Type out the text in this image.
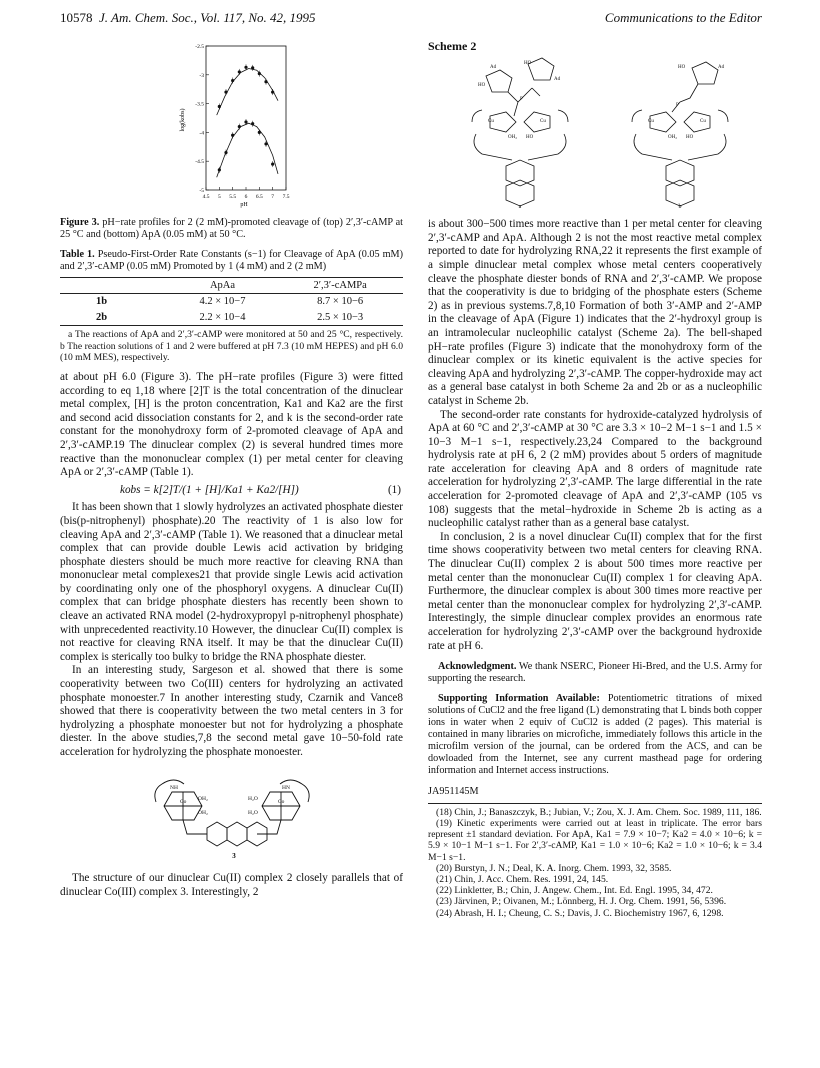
10578 J. Am. Chem. Soc., Vol. 117, No. 42, 1995	Communications to the Editor
-2.5
-3
-3.5
-4
-4.5
-5
4.5 5 5.5 6 6.5 7 7.5
log(kobs)
pH

Figure 3. pH−rate profiles for 2 (2 mM)-promoted cleavage of (top) 2′,3′-cAMP at 25 °C and (bottom) ApA (0.05 mM) at 50 °C.

Table 1. Pseudo-First-Order Rate Constants (s−1) for Cleavage of ApA (0.05 mM) and 2′,3′-cAMP (0.05 mM) Promoted by 1 (4 mM) and 2 (2 mM)

	ApAa	2′,3′-cAMPa
1b	4.2 × 10−7	8.7 × 10−6
2b	2.2 × 10−4	2.5 × 10−3

a The reactions of ApA and 2′,3′-cAMP were monitored at 50 and 25 °C, respectively. b The reaction solutions of 1 and 2 were buffered at pH 7.3 (10 mM HEPES) and pH 6.0 (10 mM MES), respectively.

at about pH 6.0 (Figure 3). The pH−rate profiles (Figure 3) were fitted according to eq 1,18 where [2]T is the total concentration of the dinuclear metal complex, [H] is the proton concentration, Ka1 and Ka2 are the first and second acid dissociation constants for 2, and k is the second-order rate constant for the monohydroxy form of 2-promoted cleavage of ApA and 2′,3′-cAMP.19 The dinuclear complex (2) is several hundred times more reactive than the mononuclear complex (1) per metal center for cleaving ApA or 2′,3′-cAMP (Table 1).

kobs = k[2]T/(1 + [H]/Ka1 + Ka2/[H])	(1)

It has been shown that 1 slowly hydrolyzes an activated phosphate diester (bis(p-nitrophenyl) phosphate).20 The reactivity of 1 is also low for cleaving ApA and 2′,3′-cAMP (Table 1). We reasoned that a dinuclear metal complex that can provide double Lewis acid activation by bridging phosphate diesters should be much more reactive for cleaving RNA than mononuclear metal complexes21 that provide single Lewis acid activation by coordinating only one of the phosphoryl oxygens. A dinuclear Cu(II) complex that can bridge phosphate diesters has recently been shown to cleave an activated RNA model (2-hydroxypropyl p-nitrophenyl phosphate) with unprecedented reactivity.10 However, the dinuclear Cu(II) complex is not reactive for cleaving RNA itself. It may be that the dinuclear Cu(II) complex is sterically too bulky to bridge the RNA phosphate diester.

In an interesting study, Sargeson et al. showed that there is some cooperativity between two Co(III) centers for hydrolyzing an activated phosphate monoester.7 In another interesting study, Czarnik and Vance8 showed that there is cooperativity between the two metal centers in 3 for hydrolyzing a phosphate monoester but not for hydrolyzing a phosphate diester. In the above studies,7,8 the second metal gave 10−50-fold rate acceleration for hydrolyzing the phosphate monoester.

NH	HN
Co	Co
OH₂	H₂O
OH₂	H₂O
3

The structure of our dinuclear Cu(II) complex 2 closely parallels that of dinuclear Co(III) complex 3. Interestingly, 2

Scheme 2
Ad
HO
Ad
HO
P
Cu	Cu
OH₂ HO
HO	Ad
P
Cu	Cu
OH₂ HO
a	b

is about 300−500 times more reactive than 1 per metal center for cleaving 2′,3′-cAMP and ApA. Although 2 is not the most reactive metal complex reported to date for hydrolyzing RNA,22 it represents the first example of a simple dinuclear metal complex whose metal centers cooperatively cleave the phosphate diester bonds of RNA and 2′,3′-cAMP. We propose that the cooperativity is due to bridging of the phosphate esters (Scheme 2) as in previous systems.7,8,10 Formation of both 3′-AMP and 2′-AMP in the cleavage of ApA (Figure 1) indicates that the 2′-hydroxyl group is an intramolecular nucleophilic catalyst (Scheme 2a). The bell-shaped pH−rate profiles (Figure 3) indicate that the monohydroxy form of the dinuclear complex or its kinetic equivalent is the active species for cleaving ApA and hydrolyzing 2′,3′-cAMP. The copper-hydroxide may act as a general base catalyst in both Scheme 2a and 2b or as a nucleophilic catalyst in Scheme 2b.

The second-order rate constants for hydroxide-catalyzed hydrolysis of ApA at 60 °C and 2′,3′-cAMP at 30 °C are 3.3 × 10−2 M−1 s−1 and 1.5 × 10−3 M−1 s−1, respectively.23,24 Compared to the background hydrolysis rate at pH 6, 2 (2 mM) provides about 5 orders of magnitude rate acceleration for cleaving ApA and 8 orders of magnitude rate acceleration for hydrolyzing 2′,3′-cAMP. The large differential in the rate acceleration for 2-promoted cleavage of ApA and 2′,3′-cAMP (105 vs 108) suggests that the metal−hydroxide in Scheme 2b is acting as a nucleophilic catalyst rather than as a general base catalyst.

In conclusion, 2 is a novel dinuclear Cu(II) complex that for the first time shows cooperativity between two metal centers for cleaving RNA. The dinuclear Cu(II) complex 2 is about 500 times more reactive per metal center than the mononuclear Cu(II) complex 1 for cleaving ApA. Furthermore, the dinuclear complex is about 300 times more reactive per metal center than the mononuclear complex for hydrolyzing 2′,3′-cAMP. Interestingly, the simple dinuclear complex provides an enormous rate acceleration for hydrolyzing 2′,3′-cAMP over the background hydroxide rate at pH 6.

Acknowledgment. We thank NSERC, Pioneer Hi-Bred, and the U.S. Army for supporting the research.

Supporting Information Available: Potentiometric titrations of mixed solutions of CuCl2 and the free ligand (L) demonstrating that L binds both copper ions in water when 2 equiv of CuCl2 is added (2 pages). This material is contained in many libraries on microfiche, immediately follows this article in the microfilm version of the journal, can be ordered from the ACS, and can be dowloaded from the Internet, see any current masthead page for ordering information and Internet access instructions.

JA951145M

(18) Chin, J.; Banaszczyk, B.; Jubian, V.; Zou, X. J. Am. Chem. Soc. 1989, 111, 186.
(19) Kinetic experiments were carried out at least in triplicate. The error bars represent ±1 standard deviation. For ApA, Ka1 = 7.9 × 10−7; Ka2 = 4.0 × 10−6; k = 5.9 × 10−1 M−1 s−1. For 2′,3′-cAMP, Ka1 = 1.0 × 10−6; Ka2 = 1.0 × 10−6; k = 3.4 M−1 s−1.
(20) Burstyn, J. N.; Deal, K. A. Inorg. Chem. 1993, 32, 3585.
(21) Chin, J. Acc. Chem. Res. 1991, 24, 145.
(22) Linkletter, B.; Chin, J. Angew. Chem., Int. Ed. Engl. 1995, 34, 472.
(23) Järvinen, P.; Oivanen, M.; Lönnberg, H. J. Org. Chem. 1991, 56, 5396.
(24) Abrash, H. I.; Cheung, C. S.; Davis, J. C. Biochemistry 1967, 6, 1298.
